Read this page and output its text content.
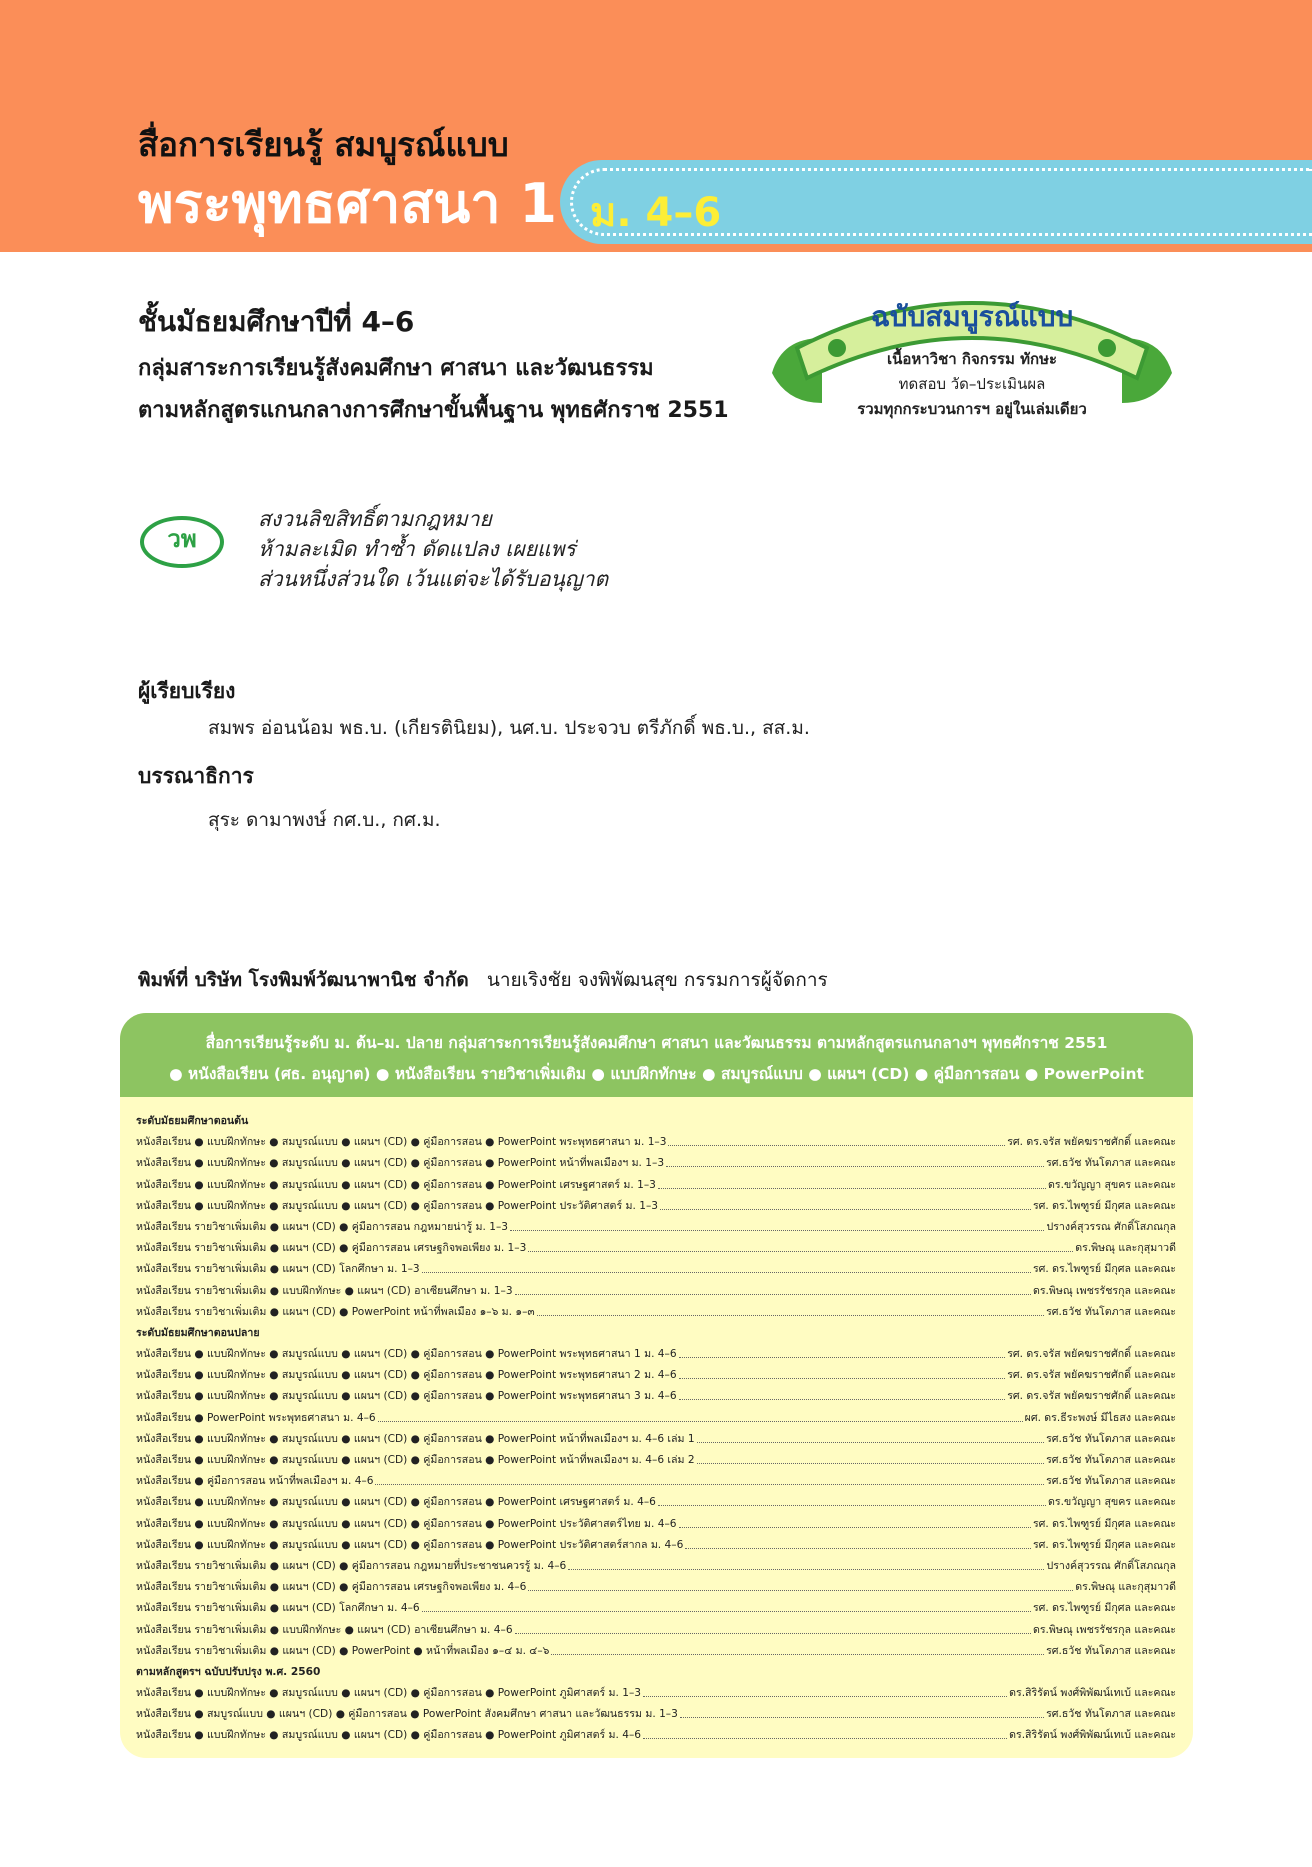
สื่อการเรียนรู้ สมบูรณ์แบบ
พระพุทธศาสนา 1 ม. 4–6
ชั้นมัธยมศึกษาปีที่ 4–6
กลุ่มสาระการเรียนรู้สังคมศึกษา ศาสนา และวัฒนธรรม
ตามหลักสูตรแกนกลางการศึกษาขั้นพื้นฐาน พุทธศักราช 2551
ฉบับสมบูรณ์แบบ
เนื้อหาวิชา กิจกรรม ทักษะ
ทดสอบ วัด–ประเมินผล
รวมทุกกระบวนการฯ อยู่ในเล่มเดียว
วพ
สงวนลิขสิทธิ์ตามกฎหมาย
ห้ามละเมิด ทำซ้ำ ดัดแปลง เผยแพร่
ส่วนหนึ่งส่วนใด เว้นแต่จะได้รับอนุญาต
ผู้เรียบเรียง
สมพร อ่อนน้อม พธ.บ. (เกียรตินิยม), นศ.บ. ประจวบ ตรีภักดิ์ พธ.บ., สส.ม.
บรรณาธิการ
สุระ ดามาพงษ์ กศ.บ., กศ.ม.
พิมพ์ที่ บริษัท โรงพิมพ์วัฒนาพานิช จำกัด นายเริงชัย จงพิพัฒนสุข กรรมการผู้จัดการ
สื่อการเรียนรู้ระดับ ม. ต้น–ม. ปลาย กลุ่มสาระการเรียนรู้สังคมศึกษา ศาสนา และวัฒนธรรม ตามหลักสูตรแกนกลางฯ พุทธศักราช 2551
● หนังสือเรียน (ศธ. อนุญาต) ● หนังสือเรียน รายวิชาเพิ่มเติม ● แบบฝึกทักษะ ● สมบูรณ์แบบ ● แผนฯ (CD) ● คู่มือการสอน ● PowerPoint
ระดับมัธยมศึกษาตอนต้น
หนังสือเรียน ● แบบฝึกทักษะ ● สมบูรณ์แบบ ● แผนฯ (CD) ● คู่มือการสอน ● PowerPoint พระพุทธศาสนา ม. 1–3	รศ. ดร.จรัส พยัคฆราชศักดิ์ และคณะ
หนังสือเรียน ● แบบฝึกทักษะ ● สมบูรณ์แบบ ● แผนฯ (CD) ● คู่มือการสอน ● PowerPoint หน้าที่พลเมืองฯ ม. 1–3	รศ.ธวัช ทันโตภาส และคณะ
หนังสือเรียน ● แบบฝึกทักษะ ● สมบูรณ์แบบ ● แผนฯ (CD) ● คู่มือการสอน ● PowerPoint เศรษฐศาสตร์ ม. 1–3	ดร.ขวัญญา สุขคร และคณะ
หนังสือเรียน ● แบบฝึกทักษะ ● สมบูรณ์แบบ ● แผนฯ (CD) ● คู่มือการสอน ● PowerPoint ประวัติศาสตร์ ม. 1–3	รศ. ดร.ไพฑูรย์ มีกุศล และคณะ
หนังสือเรียน รายวิชาเพิ่มเติม ● แผนฯ (CD) ● คู่มือการสอน กฎหมายน่ารู้ ม. 1–3	ปรางค์สุวรรณ ศักดิ์โสภณกุล
หนังสือเรียน รายวิชาเพิ่มเติม ● แผนฯ (CD) ● คู่มือการสอน เศรษฐกิจพอเพียง ม. 1–3	ดร.พิษณุ และกุสุมาวดี
หนังสือเรียน รายวิชาเพิ่มเติม ● แผนฯ (CD) โลกศึกษา ม. 1–3	รศ. ดร.ไพฑูรย์ มีกุศล และคณะ
หนังสือเรียน รายวิชาเพิ่มเติม ● แบบฝึกทักษะ ● แผนฯ (CD) อาเซียนศึกษา ม. 1–3	ดร.พิษณุ เพชรรัชรกุล และคณะ
หนังสือเรียน รายวิชาเพิ่มเติม ● แผนฯ (CD) ● PowerPoint หน้าที่พลเมือง ๑–๖ ม. ๑–๓	รศ.ธวัช ทันโตภาส และคณะ
ระดับมัธยมศึกษาตอนปลาย
หนังสือเรียน ● แบบฝึกทักษะ ● สมบูรณ์แบบ ● แผนฯ (CD) ● คู่มือการสอน ● PowerPoint พระพุทธศาสนา 1 ม. 4–6	รศ. ดร.จรัส พยัคฆราชศักดิ์ และคณะ
หนังสือเรียน ● แบบฝึกทักษะ ● สมบูรณ์แบบ ● แผนฯ (CD) ● คู่มือการสอน ● PowerPoint พระพุทธศาสนา 2 ม. 4–6	รศ. ดร.จรัส พยัคฆราชศักดิ์ และคณะ
หนังสือเรียน ● แบบฝึกทักษะ ● สมบูรณ์แบบ ● แผนฯ (CD) ● คู่มือการสอน ● PowerPoint พระพุทธศาสนา 3 ม. 4–6	รศ. ดร.จรัส พยัคฆราชศักดิ์ และคณะ
หนังสือเรียน ● PowerPoint พระพุทธศาสนา ม. 4–6	ผศ. ดร.ธีระพงษ์ มีไธสง และคณะ
หนังสือเรียน ● แบบฝึกทักษะ ● สมบูรณ์แบบ ● แผนฯ (CD) ● คู่มือการสอน ● PowerPoint หน้าที่พลเมืองฯ ม. 4–6 เล่ม 1	รศ.ธวัช ทันโตภาส และคณะ
หนังสือเรียน ● แบบฝึกทักษะ ● สมบูรณ์แบบ ● แผนฯ (CD) ● คู่มือการสอน ● PowerPoint หน้าที่พลเมืองฯ ม. 4–6 เล่ม 2	รศ.ธวัช ทันโตภาส และคณะ
หนังสือเรียน ● คู่มือการสอน หน้าที่พลเมืองฯ ม. 4–6	รศ.ธวัช ทันโตภาส และคณะ
หนังสือเรียน ● แบบฝึกทักษะ ● สมบูรณ์แบบ ● แผนฯ (CD) ● คู่มือการสอน ● PowerPoint เศรษฐศาสตร์ ม. 4–6	ดร.ขวัญญา สุขคร และคณะ
หนังสือเรียน ● แบบฝึกทักษะ ● สมบูรณ์แบบ ● แผนฯ (CD) ● คู่มือการสอน ● PowerPoint ประวัติศาสตร์ไทย ม. 4–6	รศ. ดร.ไพฑูรย์ มีกุศล และคณะ
หนังสือเรียน ● แบบฝึกทักษะ ● สมบูรณ์แบบ ● แผนฯ (CD) ● คู่มือการสอน ● PowerPoint ประวัติศาสตร์สากล ม. 4–6	รศ. ดร.ไพฑูรย์ มีกุศล และคณะ
หนังสือเรียน รายวิชาเพิ่มเติม ● แผนฯ (CD) ● คู่มือการสอน กฎหมายที่ประชาชนควรรู้ ม. 4–6	ปรางค์สุวรรณ ศักดิ์โสภณกุล
หนังสือเรียน รายวิชาเพิ่มเติม ● แผนฯ (CD) ● คู่มือการสอน เศรษฐกิจพอเพียง ม. 4–6	ดร.พิษณุ และกุสุมาวดี
หนังสือเรียน รายวิชาเพิ่มเติม ● แผนฯ (CD) โลกศึกษา ม. 4–6	รศ. ดร.ไพฑูรย์ มีกุศล และคณะ
หนังสือเรียน รายวิชาเพิ่มเติม ● แบบฝึกทักษะ ● แผนฯ (CD) อาเซียนศึกษา ม. 4–6	ดร.พิษณุ เพชรรัชรกุล และคณะ
หนังสือเรียน รายวิชาเพิ่มเติม ● แผนฯ (CD) ● PowerPoint ● หน้าที่พลเมือง ๑–๔ ม. ๔–๖	รศ.ธวัช ทันโตภาส และคณะ
ตามหลักสูตรฯ ฉบับปรับปรุง พ.ศ. 2560
หนังสือเรียน ● แบบฝึกทักษะ ● สมบูรณ์แบบ ● แผนฯ (CD) ● คู่มือการสอน ● PowerPoint ภูมิศาสตร์ ม. 1–3	ดร.สิริรัตน์ พงศ์พิพัฒน์เทเบ้ และคณะ
หนังสือเรียน ● สมบูรณ์แบบ ● แผนฯ (CD) ● คู่มือการสอน ● PowerPoint สังคมศึกษา ศาสนา และวัฒนธรรม ม. 1–3	รศ.ธวัช ทันโตภาส และคณะ
หนังสือเรียน ● แบบฝึกทักษะ ● สมบูรณ์แบบ ● แผนฯ (CD) ● คู่มือการสอน ● PowerPoint ภูมิศาสตร์ ม. 4–6	ดร.สิริรัตน์ พงศ์พิพัฒน์เทเบ้ และคณะ
